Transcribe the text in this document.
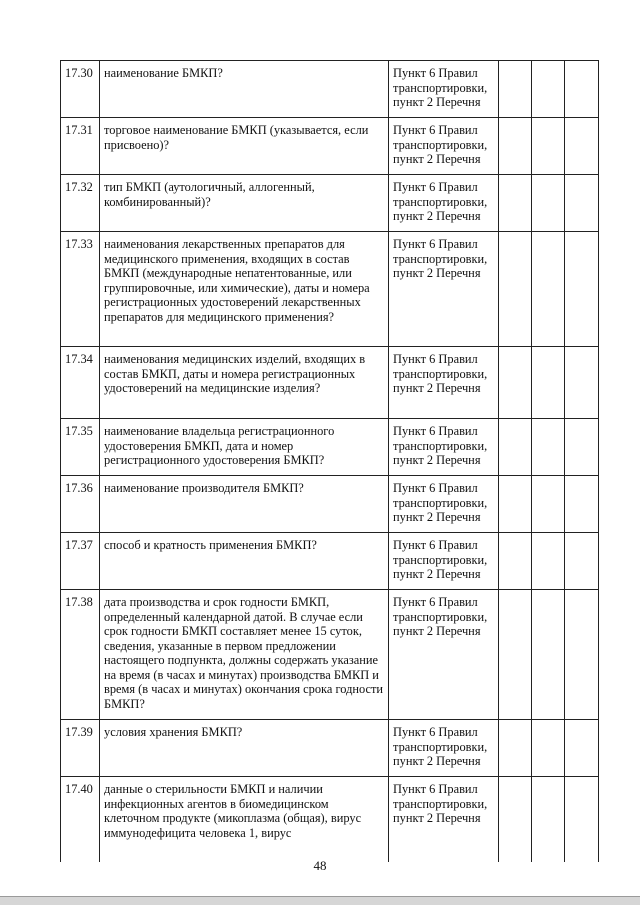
17.30	наименование БМКП?	Пункт 6 Правил транспортировки, пункт 2 Перечня			
17.31	торговое наименование БМКП (указывается, если присвоено)?	Пункт 6 Правил транспортировки, пункт 2 Перечня			
17.32	тип БМКП (аутологичный, аллогенный, комбинированный)?	Пункт 6 Правил транспортировки, пункт 2 Перечня			
17.33	наименования лекарственных препаратов для медицинского применения, входящих в состав БМКП (международные непатентованные, или группировочные, или химические), даты и номера регистрационных удостоверений лекарственных препаратов для медицинского применения?	Пункт 6 Правил транспортировки, пункт 2 Перечня			
17.34	наименования медицинских изделий, входящих в состав БМКП, даты и номера регистрационных удостоверений на медицинские изделия?	Пункт 6 Правил транспортировки, пункт 2 Перечня			
17.35	наименование владельца регистрационного удостоверения БМКП, дата и номер регистрационного удостоверения БМКП?	Пункт 6 Правил транспортировки, пункт 2 Перечня			
17.36	наименование производителя БМКП?	Пункт 6 Правил транспортировки, пункт 2 Перечня			
17.37	способ и кратность применения БМКП?	Пункт 6 Правил транспортировки, пункт 2 Перечня			
17.38	дата производства и срок годности БМКП, определенный календарной датой. В случае если срок годности БМКП составляет менее 15 суток, сведения, указанные в первом предложении настоящего подпункта, должны содержать указание на время (в часах и минутах) производства БМКП и время (в часах и минутах) окончания срока годности БМКП?	Пункт 6 Правил транспортировки, пункт 2 Перечня			
17.39	условия хранения БМКП?	Пункт 6 Правил транспортировки, пункт 2 Перечня			
17.40	данные о стерильности БМКП и наличии инфекционных агентов в биомедицинском клеточном продукте (микоплазма (общая), вирус иммунодефицита человека 1, вирус	Пункт 6 Правил транспортировки, пункт 2 Перечня			
48
